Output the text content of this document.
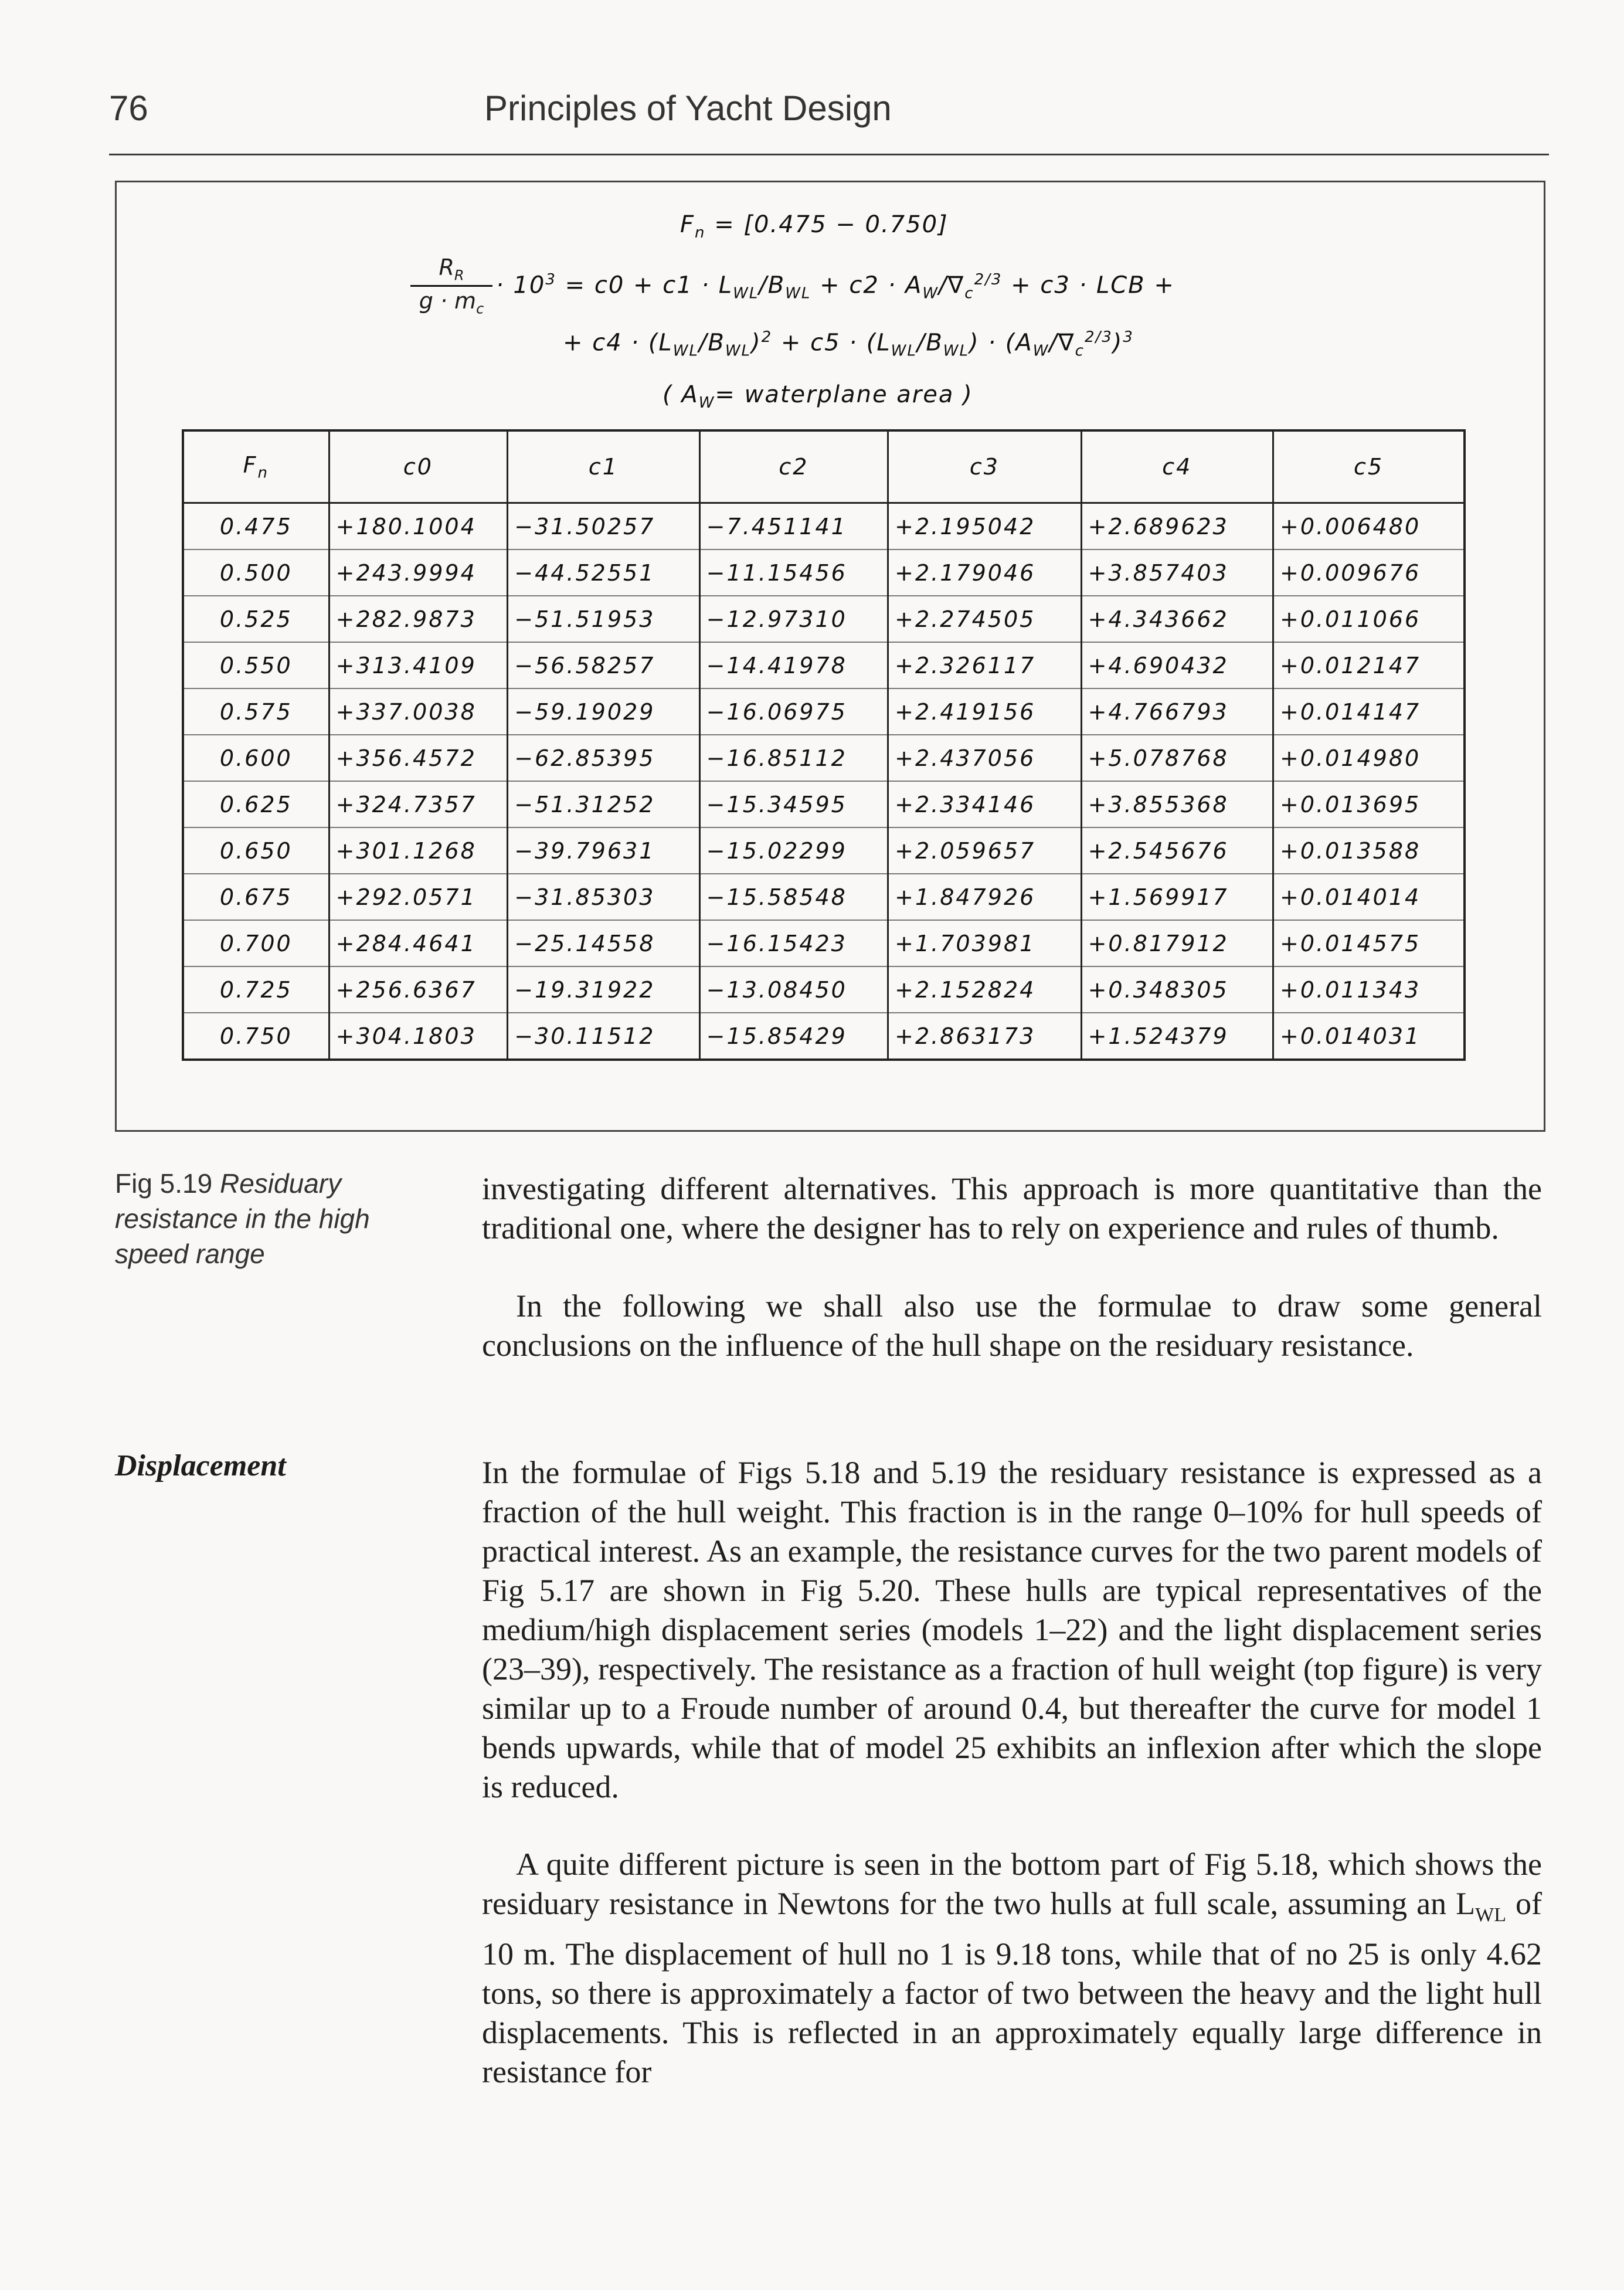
76	Principles of Yacht Design
$F_n = [0.475 - 0.750]$
$\frac{R_R}{g \cdot m_c} \cdot 10^3 = c0 + c1 \cdot L_{WL}/B_{WL} + c2 \cdot A_W/\nabla_c^{2/3} + c3$ · LCB +
+ $c4 \cdot (L_{WL}/B_{WL})^2 + c5 \cdot (L_{WL}/B_{WL}) \cdot (A_W/\nabla_c^{2/3})^3$
( $A_W=$ waterplane area )
$F_n$	c0	c1	c2	c3	c4	c5
0.475	+180.1004	−31.50257	−7.451141	+2.195042	+2.689623	+0.006480
0.500	+243.9994	−44.52551	−11.15456	+2.179046	+3.857403	+0.009676
0.525	+282.9873	−51.51953	−12.97310	+2.274505	+4.343662	+0.011066
0.550	+313.4109	−56.58257	−14.41978	+2.326117	+4.690432	+0.012147
0.575	+337.0038	−59.19029	−16.06975	+2.419156	+4.766793	+0.014147
0.600	+356.4572	−62.85395	−16.85112	+2.437056	+5.078768	+0.014980
0.625	+324.7357	−51.31252	−15.34595	+2.334146	+3.855368	+0.013695
0.650	+301.1268	−39.79631	−15.02299	+2.059657	+2.545676	+0.013588
0.675	+292.0571	−31.85303	−15.58548	+1.847926	+1.569917	+0.014014
0.700	+284.4641	−25.14558	−16.15423	+1.703981	+0.817912	+0.014575
0.725	+256.6367	−19.31922	−13.08450	+2.152824	+0.348305	+0.011343
0.750	+304.1803	−30.11512	−15.85429	+2.863173	+1.524379	+0.014031
Fig 5.19 Residuary resistance in the high speed range

investigating different alternatives. This approach is more quantitative than the traditional one, where the designer has to rely on experience and rules of thumb.

In the following we shall also use the formulae to draw some general conclusions on the influence of the hull shape on the residuary resistance.

Displacement	In the formulae of Figs 5.18 and 5.19 the residuary resistance is expressed as a fraction of the hull weight. This fraction is in the range 0–10% for hull speeds of practical interest. As an example, the resistance curves for the two parent models of Fig 5.17 are shown in Fig 5.20. These hulls are typical representatives of the medium/high displacement series (models 1–22) and the light displacement series (23–39), respectively. The resistance as a fraction of hull weight (top figure) is very similar up to a Froude number of around 0.4, but thereafter the curve for model 1 bends upwards, while that of model 25 exhibits an inflexion after which the slope is reduced.

A quite different picture is seen in the bottom part of Fig 5.18, which shows the residuary resistance in Newtons for the two hulls at full scale, assuming an $L_{WL}$ of 10 m. The displacement of hull no 1 is 9.18 tons, while that of no 25 is only 4.62 tons, so there is approximately a factor of two between the heavy and the light hull displacements. This is reflected in an approximately equally large difference in resistance for
